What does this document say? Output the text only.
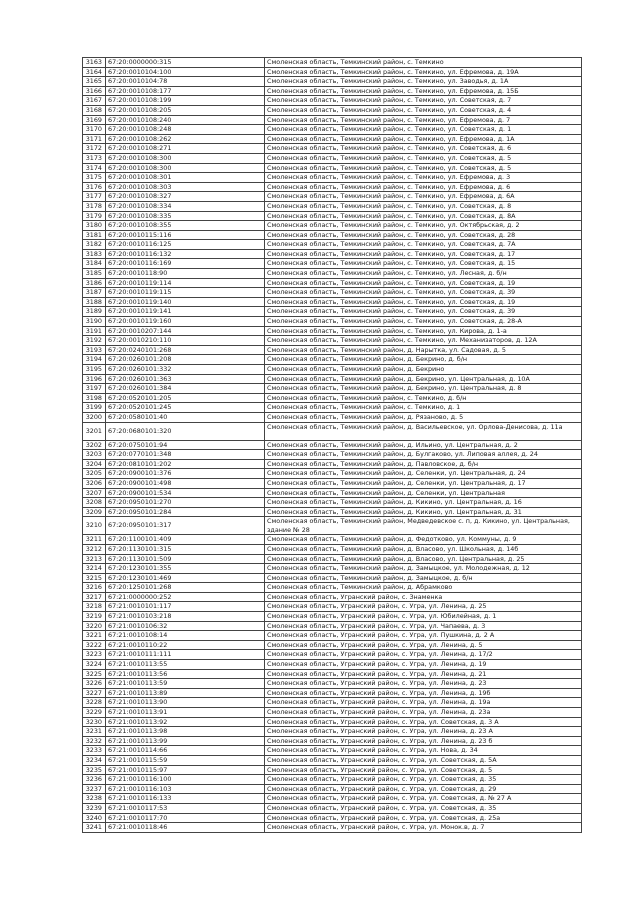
3163	67:20:0000000:315	Смоленская область, Темкинский район, с. Темкино
3164	67:20:0010104:100	Смоленская область, Темкинский район, с. Темкино, ул. Ефремова, д. 19А
3165	67:20:0010104:78	Смоленская область, Темкинский район, с. Темкино, ул. Заводья, д. 1А
3166	67:20:0010108:177	Смоленская область, Темкинский район, с. Темкино, ул. Ефремова, д. 15Б
3167	67:20:0010108:199	Смоленская область, Темкинский район, с. Темкино, ул. Советская, д. 7
3168	67:20:0010108:205	Смоленская область, Темкинский район, с. Темкино, ул. Советская, д. 4
3169	67:20:0010108:240	Смоленская область, Темкинский район, с. Темкино, ул. Ефремова, д. 7
3170	67:20:0010108:248	Смоленская область, Темкинский район, с. Темкино, ул. Советская, д. 1
3171	67:20:0010108:262	Смоленская область, Темкинский район, с. Темкино, ул. Ефремова, д. 1А
3172	67:20:0010108:271	Смоленская область, Темкинский район, с. Темкино, ул. Советская, д. 6
3173	67:20:0010108:300	Смоленская область, Темкинский район, с. Темкино, ул. Советская, д. 5
3174	67:20:0010108:300	Смоленская область, Темкинский район, с. Темкино, ул. Советская, д. 5
3175	67:20:0010108:301	Смоленская область, Темкинский район, с. Темкино, ул. Ефремова, д. 3
3176	67:20:0010108:303	Смоленская область, Темкинский район, с. Темкино, ул. Ефремова, д. 6
3177	67:20:0010108:327	Смоленская область, Темкинский район, с. Темкино, ул. Ефремова, д. 6А
3178	67:20:0010108:334	Смоленская область, Темкинский район, с. Темкино, ул. Советская, д. 8
3179	67:20:0010108:335	Смоленская область, Темкинский район, с. Темкино, ул. Советская, д. 8А
3180	67:20:0010108:355	Смоленская область, Темкинский район, с. Темкино, ул. Октябрьская, д. 2
3181	67:20:0010115:116	Смоленская область, Темкинский район, с. Темкино, ул. Советская, д. 28
3182	67:20:0010116:125	Смоленская область, Темкинский район, с. Темкино, ул. Советская, д. 7А
3183	67:20:0010116:132	Смоленская область, Темкинский район, с. Темкино, ул. Советская, д. 17
3184	67:20:0010116:169	Смоленская область, Темкинский район, с. Темкино, ул. Советская, д. 15
3185	67:20:0010118:90	Смоленская область, Темкинский район, с. Темкино, ул. Лесная, д. б/н
3186	67:20:0010119:114	Смоленская область, Темкинский район, с. Темкино, ул. Советская, д. 19
3187	67:20:0010119:115	Смоленская область, Темкинский район, с. Темкино, ул. Советская, д. 39
3188	67:20:0010119:140	Смоленская область, Темкинский район, с. Темкино, ул. Советская, д. 19
3189	67:20:0010119:141	Смоленская область, Темкинский район, с. Темкино, ул. Советская, д. 39
3190	67:20:0010119:160	Смоленская область, Темкинский район, с. Темкино, ул. Советская, д. 28-А
3191	67:20:0010207:144	Смоленская область, Темкинский район, с. Темкино, ул. Кирова, д. 1-а
3192	67:20:0010210:110	Смоленская область, Темкинский район, с. Темкино, ул. Механизаторов, д. 12А
3193	67:20:0240101:268	Смоленская область, Темкинский район, д. Нарытка, ул. Садовая, д. 5
3194	67:20:0260101:208	Смоленская область, Темкинский район, д. Бекрино, д. б/н
3195	67:20:0260101:332	Смоленская область, Темкинский район, д. Бекрино
3196	67:20:0260101:363	Смоленская область, Темкинский район, д. Бекрино, ул. Центральная, д. 10А
3197	67:20:0260101:384	Смоленская область, Темкинский район, д. Бекрино, ул. Центральная, д. 8
3198	67:20:0520101:205	Смоленская область, Темкинский район, с. Темкино, д. б/н
3199	67:20:0520101:245	Смоленская область, Темкинский район, с. Темкино, д. 1
3200	67:20:0580101:40	Смоленская область, Темкинский район, д. Рязаново, д. 5
3201	67:20:0680101:320	Смоленская область, Темкинский район, д. Васильевское, ул. Орлова-Денисова, д. 11а
3202	67:20:0750101:94	Смоленская область, Темкинский район, д. Ильино, ул. Центральная, д. 2
3203	67:20:0770101:348	Смоленская область, Темкинский район, д. Булгаково, ул. Липовая аллея, д. 24
3204	67:20:0810101:202	Смоленская область, Темкинский район, д. Павловское, д. б/н
3205	67:20:0900101:376	Смоленская область, Темкинский район, д. Селенки, ул. Центральная, д. 24
3206	67:20:0900101:498	Смоленская область, Темкинский район, д. Селенки, ул. Центральная, д. 17
3207	67:20:0900101:534	Смоленская область, Темкинский район, д. Селенки, ул. Центральная
3208	67:20:0950101:270	Смоленская область, Темкинский район, д. Кикино, ул. Центральная, д. 16
3209	67:20:0950101:284	Смоленская область, Темкинский район, д. Кикино, ул. Центральная, д. 31
3210	67:20:0950101:317	Смоленская область, Темкинский район, Медведевское с. п, д. Кикино, ул. Центральная, здание № 28
3211	67:20:1100101:409	Смоленская область, Темкинский район, д. Федотково, ул. Коммуны, д. 9
3212	67:20:1130101:315	Смоленская область, Темкинский район, д. Власово, ул. Школьная, д. 14б
3213	67:20:1130101:509	Смоленская область, Темкинский район, д. Власово, ул. Центральная, д. 25
3214	67:20:1230101:355	Смоленская область, Темкинский район, д. Замыцкое, ул. Молодежная, д. 12
3215	67:20:1230101:469	Смоленская область, Темкинский район, д. Замыцкое, д. б/н
3216	67:20:1250101:268	Смоленская область, Темкинский район, д. Абрамково
3217	67:21:0000000:252	Смоленская область, Угранский район, с. Знаменка
3218	67:21:0010101:117	Смоленская область, Угранский район, с. Угра, ул. Ленина, д. 25
3219	67:21:0010103:218	Смоленская область, Угранский район, с. Угра, ул. Юбилейная, д. 1
3220	67:21:0010106:32	Смоленская область, Угранский район, с. Угра, ул. Чапаева, д. 3
3221	67:21:0010108:14	Смоленская область, Угранский район, с. Угра, ул. Пушкина, д. 2 А
3222	67:21:0010110:22	Смоленская область, Угранский район, с. Угра, ул. Ленина, д. 5
3223	67:21:0010111:111	Смоленская область, Угранский район, с. Угра, ул. Ленина, д. 17/2
3224	67:21:0010113:55	Смоленская область, Угранский район, с. Угра, ул. Ленина, д. 19
3225	67:21:0010113:56	Смоленская область, Угранский район, с. Угра, ул. Ленина, д. 21
3226	67:21:0010113:59	Смоленская область, Угранский район, с. Угра, ул. Ленина, д. 23
3227	67:21:0010113:89	Смоленская область, Угранский район, с. Угра, ул. Ленина, д. 19б
3228	67:21:0010113:90	Смоленская область, Угранский район, с. Угра, ул. Ленина, д. 19а
3229	67:21:0010113:91	Смоленская область, Угранский район, с. Угра, ул. Ленина, д. 23а
3230	67:21:0010113:92	Смоленская область, Угранский район, с. Угра, ул. Советская, д. 3 А
3231	67:21:0010113:98	Смоленская область, Угранский район, с. Угра, ул. Ленина, д. 23 А
3232	67:21:0010113:99	Смоленская область, Угранский район, с. Угра, ул. Ленина, д. 23 б
3233	67:21:0010114:66	Смоленская область, Угранский район, с. Угра, ул. Нова, д. 34
3234	67:21:0010115:59	Смоленская область, Угранский район, с. Угра, ул. Советская, д. 5А
3235	67:21:0010115:97	Смоленская область, Угранский район, с. Угра, ул. Советская, д. 5
3236	67:21:0010116:100	Смоленская область, Угранский район, с. Угра, ул. Советская, д. 35
3237	67:21:0010116:103	Смоленская область, Угранский район, с. Угра, ул. Советская, д. 29
3238	67:21:0010116:133	Смоленская область, Угранский район, с. Угра, ул. Советская, д. № 27 А
3239	67:21:0010117:53	Смоленская область, Угранский район, с. Угра, ул. Советская, д. 35
3240	67:21:0010117:70	Смоленская область, Угранский район, с. Угра, ул. Советская, д. 25а
3241	67:21:0010118:46	Смоленская область, Угранский район, с. Угра, ул. Монок.в, д. 7
